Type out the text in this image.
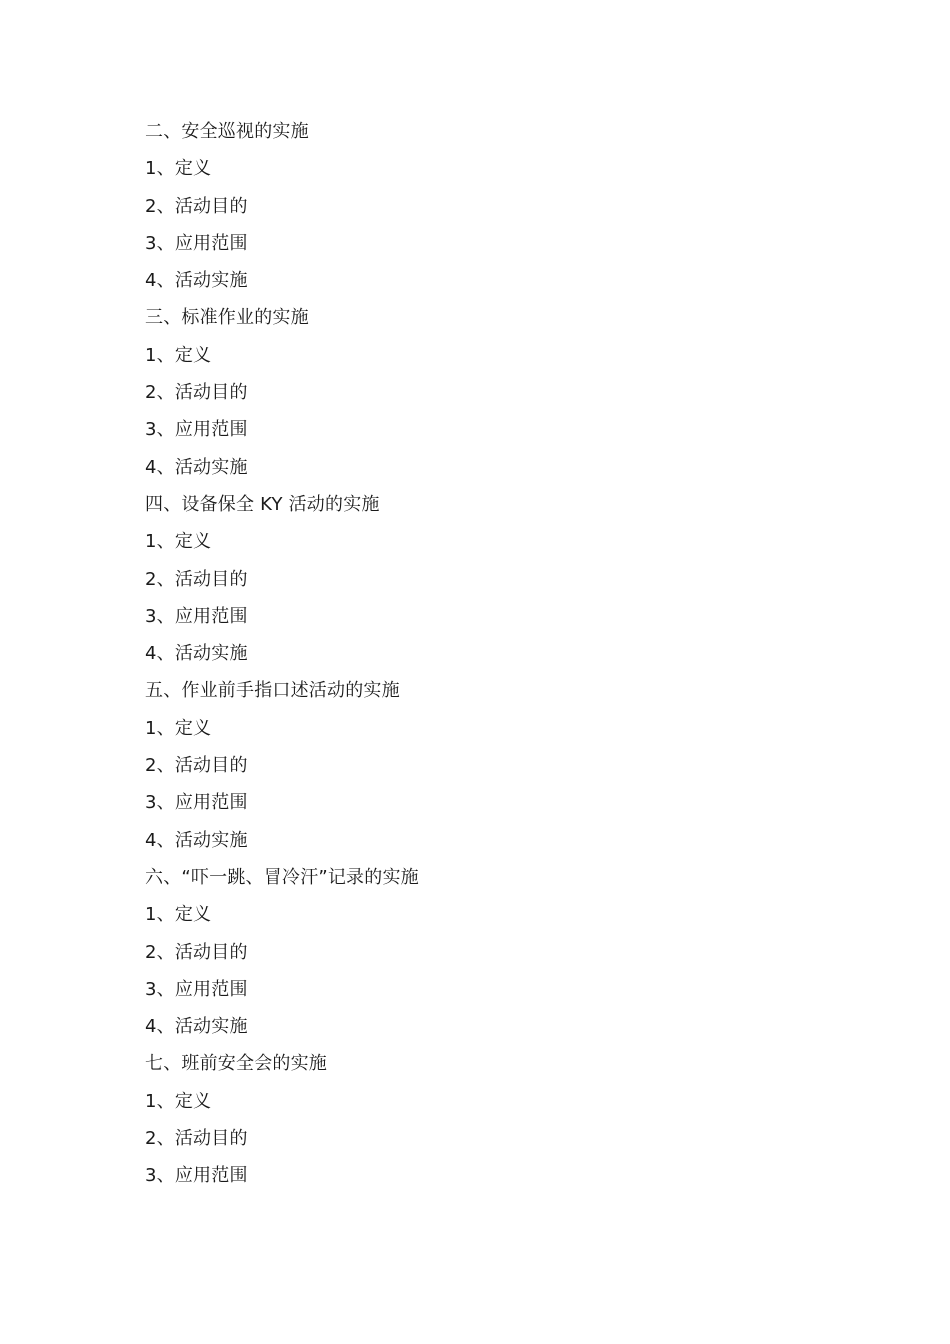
二、安全巡视的实施
1、定义
2、活动目的
3、应用范围
4、活动实施
三、标准作业的实施
1、定义
2、活动目的
3、应用范围
4、活动实施
四、设备保全 KY 活动的实施
1、定义
2、活动目的
3、应用范围
4、活动实施
五、作业前手指口述活动的实施
1、定义
2、活动目的
3、应用范围
4、活动实施
六、“吓一跳、冒冷汗”记录的实施
1、定义
2、活动目的
3、应用范围
4、活动实施
七、班前安全会的实施
1、定义
2、活动目的
3、应用范围
